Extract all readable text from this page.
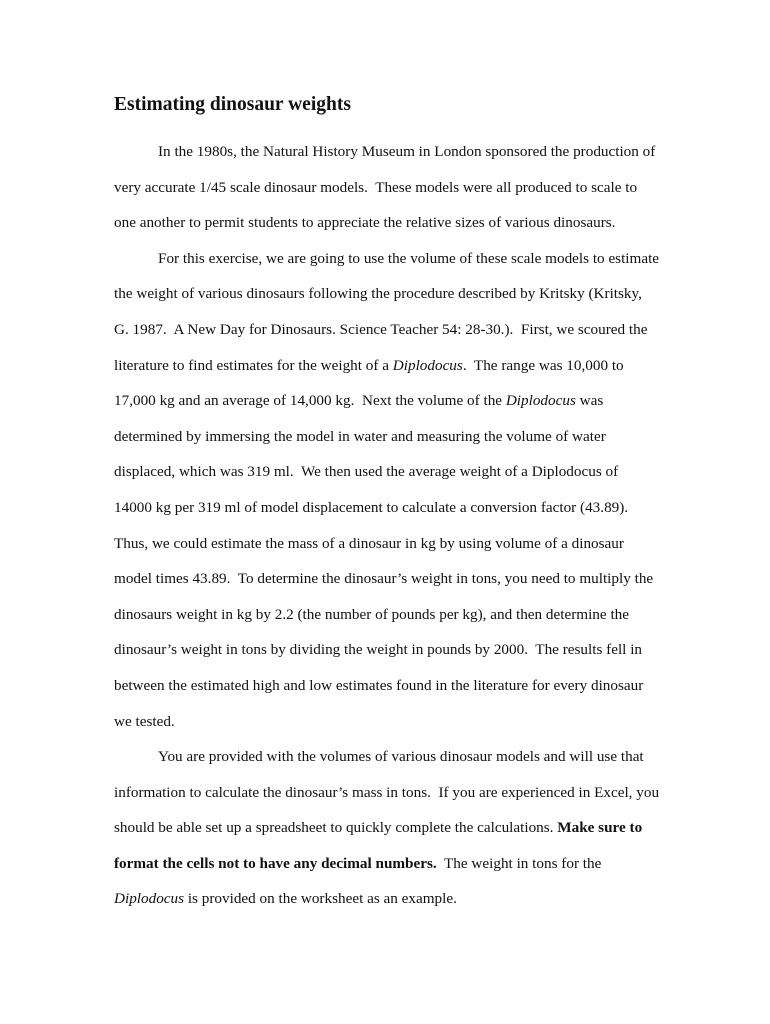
Estimating dinosaur weights
In the 1980s, the Natural History Museum in London sponsored the production of
very accurate 1/45 scale dinosaur models.  These models were all produced to scale to
one another to permit students to appreciate the relative sizes of various dinosaurs.
For this exercise, we are going to use the volume of these scale models to estimate
the weight of various dinosaurs following the procedure described by Kritsky (Kritsky,
G. 1987.  A New Day for Dinosaurs. Science Teacher 54: 28-30.).  First, we scoured the
literature to find estimates for the weight of a Diplodocus.  The range was 10,000 to
17,000 kg and an average of 14,000 kg.  Next the volume of the Diplodocus was
determined by immersing the model in water and measuring the volume of water
displaced, which was 319 ml.  We then used the average weight of a Diplodocus of
14000 kg per 319 ml of model displacement to calculate a conversion factor (43.89).
Thus, we could estimate the mass of a dinosaur in kg by using volume of a dinosaur
model times 43.89.  To determine the dinosaur’s weight in tons, you need to multiply the
dinosaurs weight in kg by 2.2 (the number of pounds per kg), and then determine the
dinosaur’s weight in tons by dividing the weight in pounds by 2000.  The results fell in
between the estimated high and low estimates found in the literature for every dinosaur
we tested.
You are provided with the volumes of various dinosaur models and will use that
information to calculate the dinosaur’s mass in tons.  If you are experienced in Excel, you
should be able set up a spreadsheet to quickly complete the calculations. Make sure to
format the cells not to have any decimal numbers.  The weight in tons for the
Diplodocus is provided on the worksheet as an example.
